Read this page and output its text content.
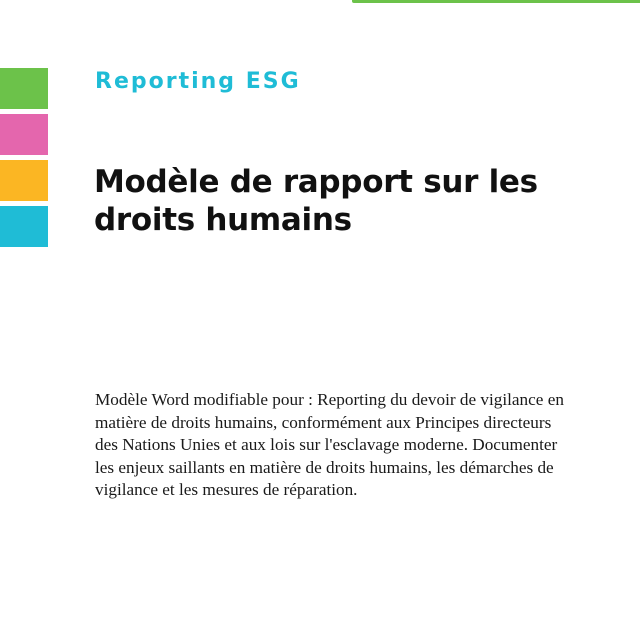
Reporting ESG

Modèle de rapport sur les droits humains

Modèle Word modifiable pour : Reporting du devoir de vigilance en matière de droits humains, conformément aux Principes directeurs des Nations Unies et aux lois sur l'esclavage moderne. Documenter les enjeux saillants en matière de droits humains, les démarches de vigilance et les mesures de réparation.
